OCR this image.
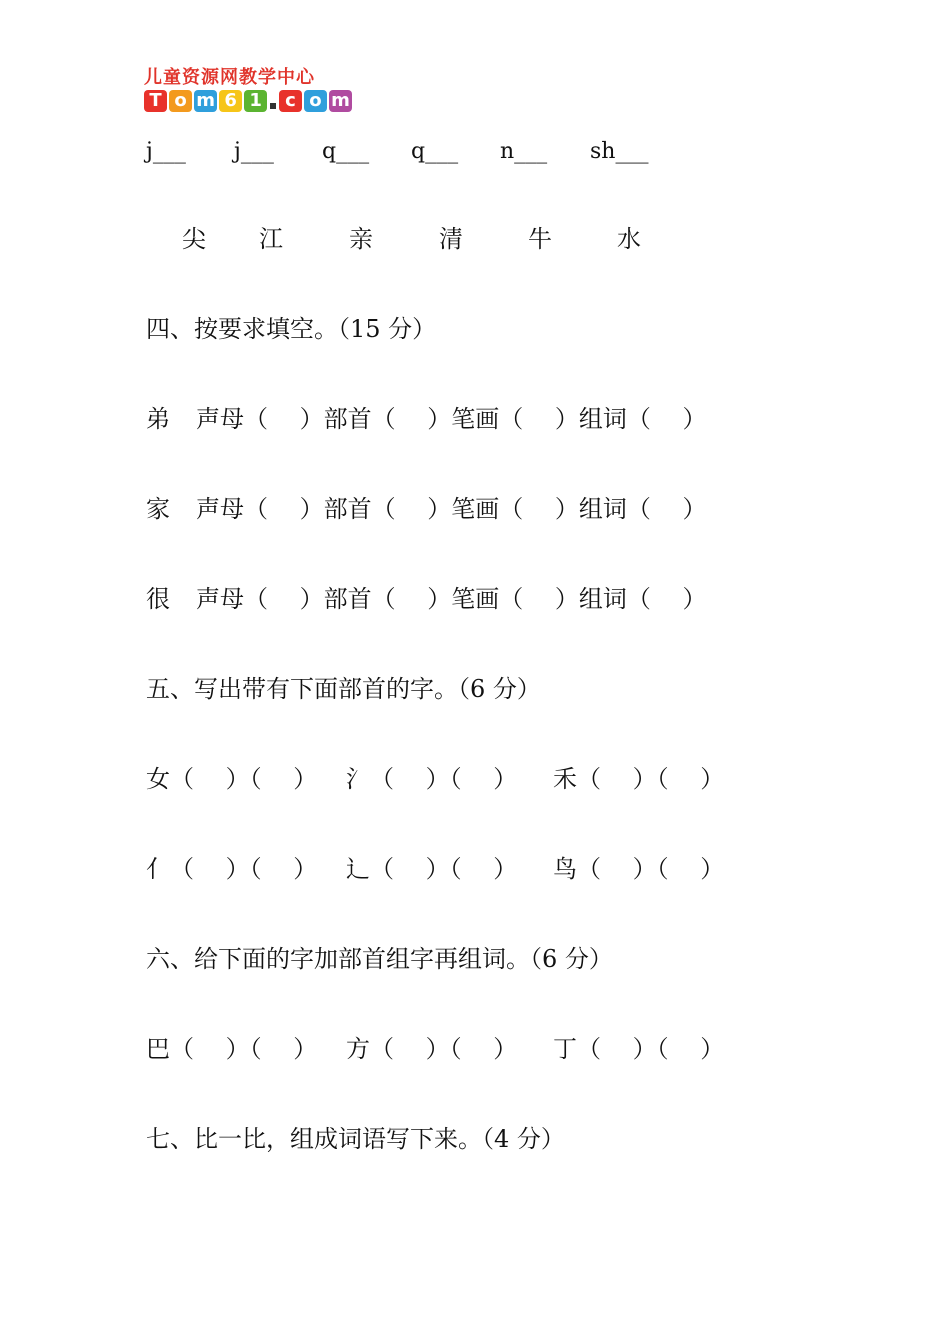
儿童资源网教学中心
T o m 6 1	c o m
j___ j___ q___ q___ n___ sh___
尖 江	亲	清	牛	水
四、按要求填空。（15 分）
弟 声母（　 ）部首（　 ）笔画（　 ）组词（　 ）
家 声母（　 ）部首（　 ）笔画（　 ）组词（　 ）
很 声母（　 ）部首（　 ）笔画（　 ）组词（　 ）
五、写出带有下面部首的字。（6 分）
女（　 ）（　 ） 氵（　 ）（　 ） 禾（　 ）（　 ）
亻（　 ）（　 ） 辶（　 ）（　 ） 鸟（　 ）（　 ）
六、给下面的字加部首组字再组词。（6 分）
巴（　 ）（　 ） 方（　 ）（　 ） 丁（　 ）（　 ）
七、比一比，组成词语写下来。（4 分）
